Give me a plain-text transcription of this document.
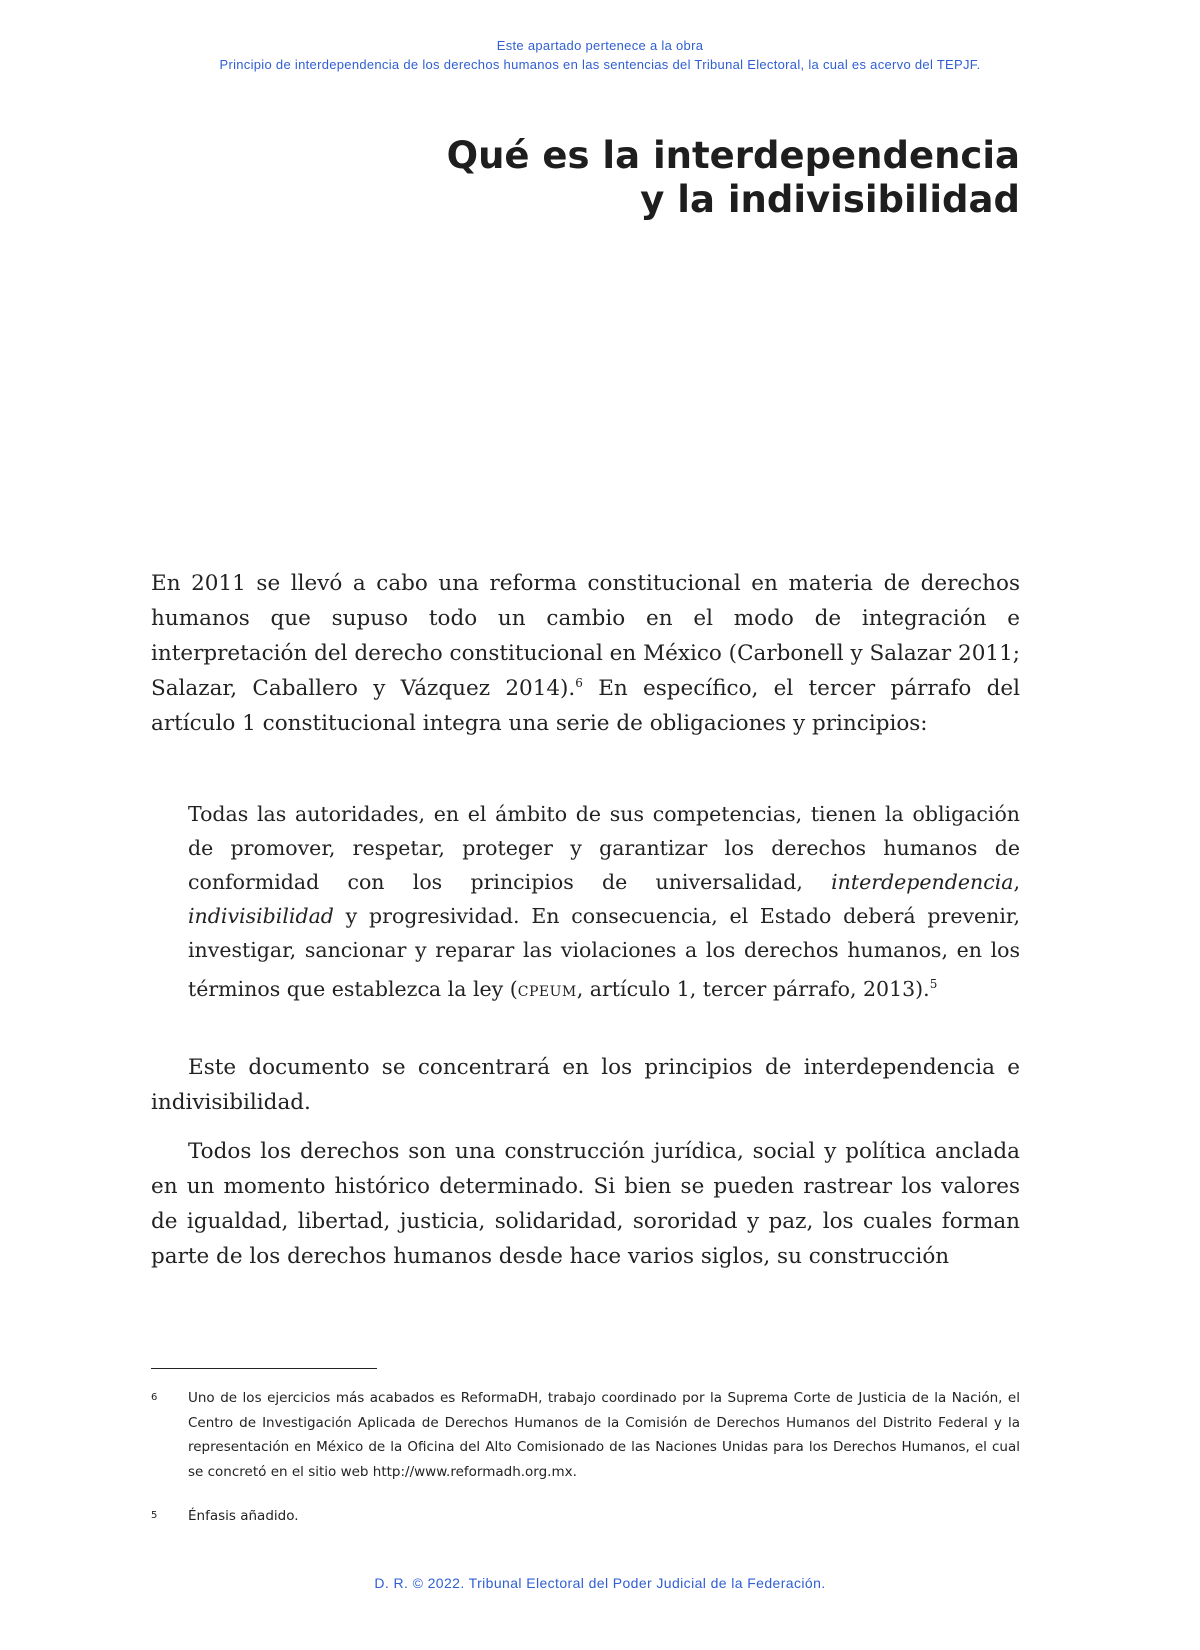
Este apartado pertenece a la obra
Principio de interdependencia de los derechos humanos en las sentencias del Tribunal Electoral, la cual es acervo del TEPJF.
Qué es la interdependencia
y la indivisibilidad

En 2011 se llevó a cabo una reforma constitucional en materia de derechos humanos que supuso todo un cambio en el modo de integración e interpretación del derecho constitucional en México (Carbonell y Salazar 2011; Salazar, Caballero y Vázquez 2014).$^6$ En específico, el tercer párrafo del artículo 1 constitucional integra una serie de obligaciones y principios:

Todas las autoridades, en el ámbito de sus competencias, tienen la obligación de promover, respetar, proteger y garantizar los derechos humanos de conformidad con los principios de universalidad, interdependencia, indivisibilidad y progresividad. En consecuencia, el Estado deberá prevenir, investigar, sancionar y reparar las violaciones a los derechos humanos, en los términos que establezca la ley (cpeum, artículo 1, tercer párrafo, 2013).$^5$

Este documento se concentrará en los principios de interdependencia e indivisibilidad.

Todos los derechos son una construcción jurídica, social y política anclada en un momento histórico determinado. Si bien se pueden rastrear los valores de igualdad, libertad, justicia, solidaridad, sororidad y paz, los cuales forman parte de los derechos humanos desde hace varios siglos, su construcción

6 Uno de los ejercicios más acabados es ReformaDH, trabajo coordinado por la Suprema Corte de Justicia de la Nación, el Centro de Investigación Aplicada de Derechos Humanos de la Comisión de Derechos Humanos del Distrito Federal y la representación en México de la Oficina del Alto Comisionado de las Naciones Unidas para los Derechos Humanos, el cual se concretó en el sitio web http://www.reformadh.org.mx.
5 Énfasis añadido.
D. R. © 2022. Tribunal Electoral del Poder Judicial de la Federación.
